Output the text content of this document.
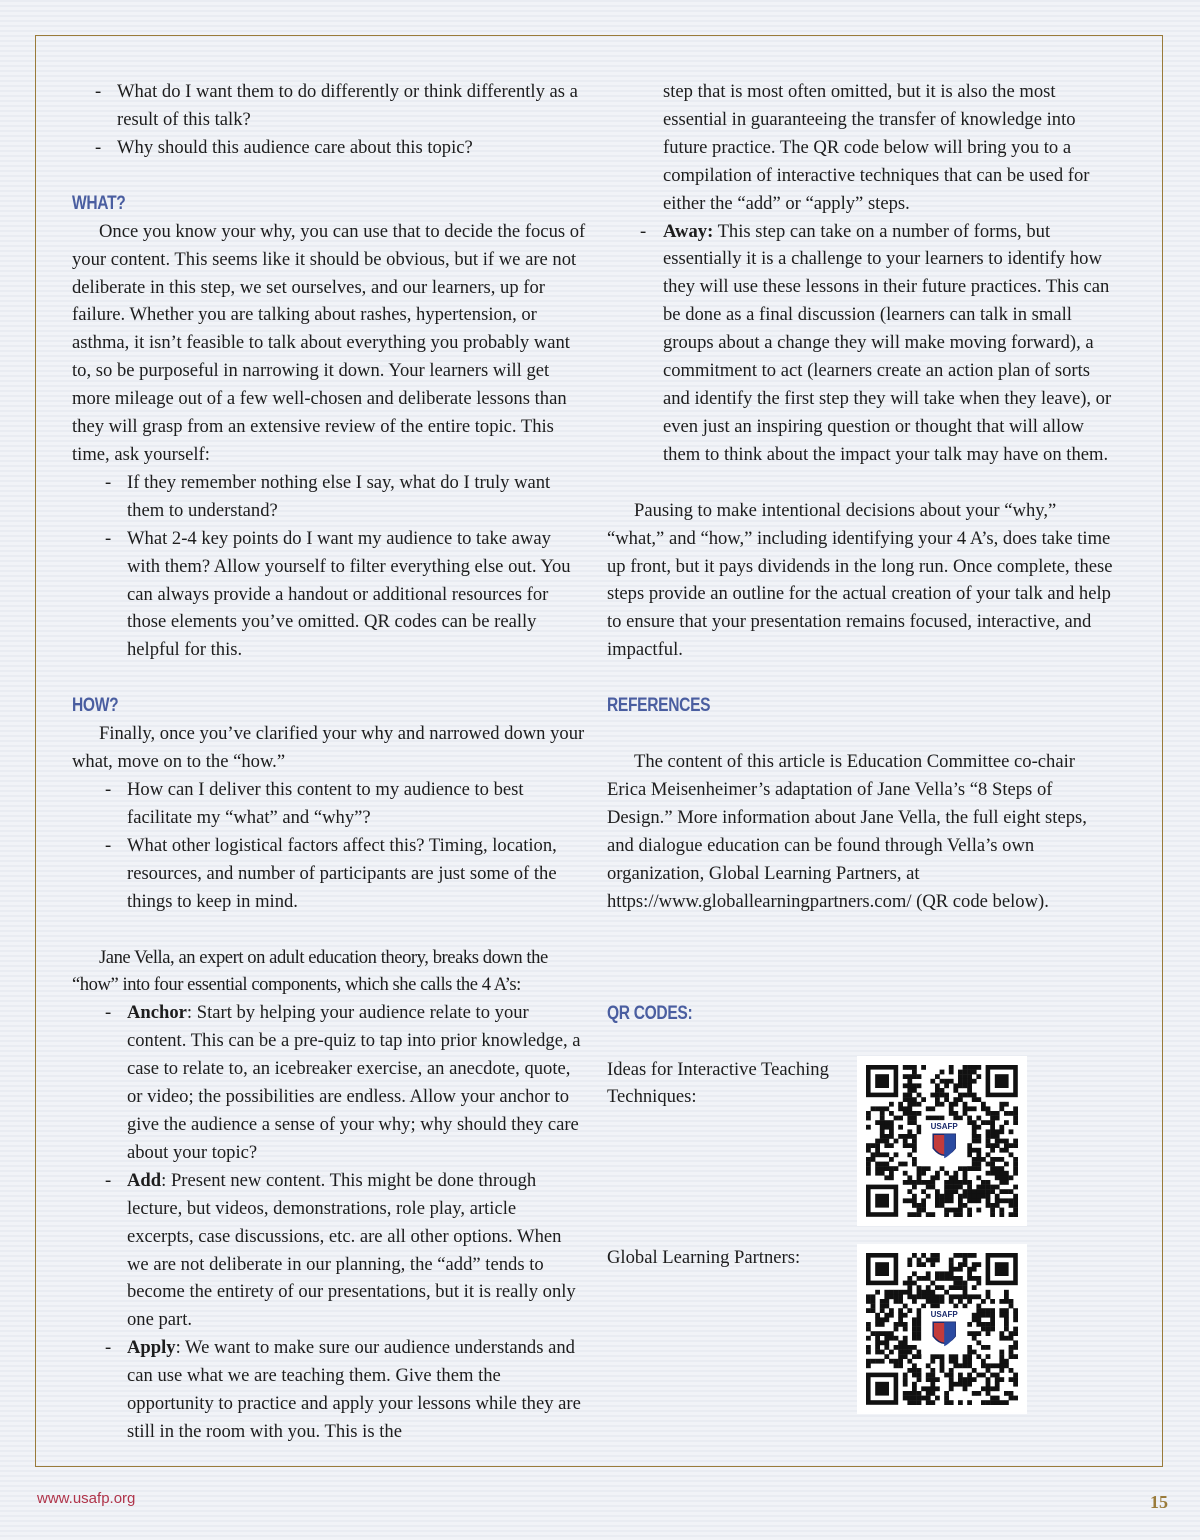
- What do I want them to do differently or think differently as a result of this talk?
- Why should this audience care about this topic?
WHAT?

Once you know your why, you can use that to decide the focus of your content. This seems like it should be obvious, but if we are not deliberate in this step, we set ourselves, and our learners, up for failure. Whether you are talking about rashes, hypertension, or asthma, it isn’t feasible to talk about everything you probably want to, so be purposeful in narrowing it down. Your learners will get more mileage out of a few well-chosen and deliberate lessons than they will grasp from an extensive review of the entire topic. This time, ask yourself:

- If they remember nothing else I say, what do I truly want them to understand?
- What 2-4 key points do I want my audience to take away with them? Allow yourself to filter everything else out. You can always provide a handout or additional resources for those elements you’ve omitted. QR codes can be really helpful for this.
HOW?

Finally, once you’ve clarified your why and narrowed down your what, move on to the “how.”

- How can I deliver this content to my audience to best facilitate my “what” and “why”?
- What other logistical factors affect this? Timing, location, resources, and number of participants are just some of the things to keep in mind.

Jane Vella, an expert on adult education theory, breaks down the “how” into four essential components, which she calls the 4 A’s:

- Anchor: Start by helping your audience relate to your content. This can be a pre-quiz to tap into prior knowledge, a case to relate to, an icebreaker exercise, an anecdote, quote, or video; the possibilities are endless. Allow your anchor to give the audience a sense of your why; why should they care about your topic?
- Add: Present new content. This might be done through lecture, but videos, demonstrations, role play, article excerpts, case discussions, etc. are all other options. When we are not deliberate in our planning, the “add” tends to become the entirety of our presentations, but it is really only one part.
- Apply: We want to make sure our audience understands and can use what we are teaching them. Give them the opportunity to practice and apply your lessons while they are still in the room with you. This is the

step that is most often omitted, but it is also the most essential in guaranteeing the transfer of knowledge into future practice. The QR code below will bring you to a compilation of interactive techniques that can be used for either the “add” or “apply” steps.

- Away: This step can take on a number of forms, but essentially it is a challenge to your learners to identify how they will use these lessons in their future practices. This can be done as a final discussion (learners can talk in small groups about a change they will make moving forward), a commitment to act (learners create an action plan of sorts and identify the first step they will take when they leave), or even just an inspiring question or thought that will allow them to think about the impact your talk may have on them.

Pausing to make intentional decisions about your “why,” “what,” and “how,” including identifying your 4 A’s, does take time up front, but it pays dividends in the long run. Once complete, these steps provide an outline for the actual creation of your talk and help to ensure that your presentation remains focused, interactive, and impactful.

REFERENCES

The content of this article is Education Committee co-chair Erica Meisenheimer’s adaptation of Jane Vella’s “8 Steps of Design.” More information about Jane Vella, the full eight steps, and dialogue education can be found through Vella’s own organization, Global Learning Partners, at https://www.globallearningpartners.com/ (QR code below).

QR CODES:
Ideas for Interactive Teaching Techniques:
USAFP
Global Learning Partners:
USAFP
www.usafp.org	15
